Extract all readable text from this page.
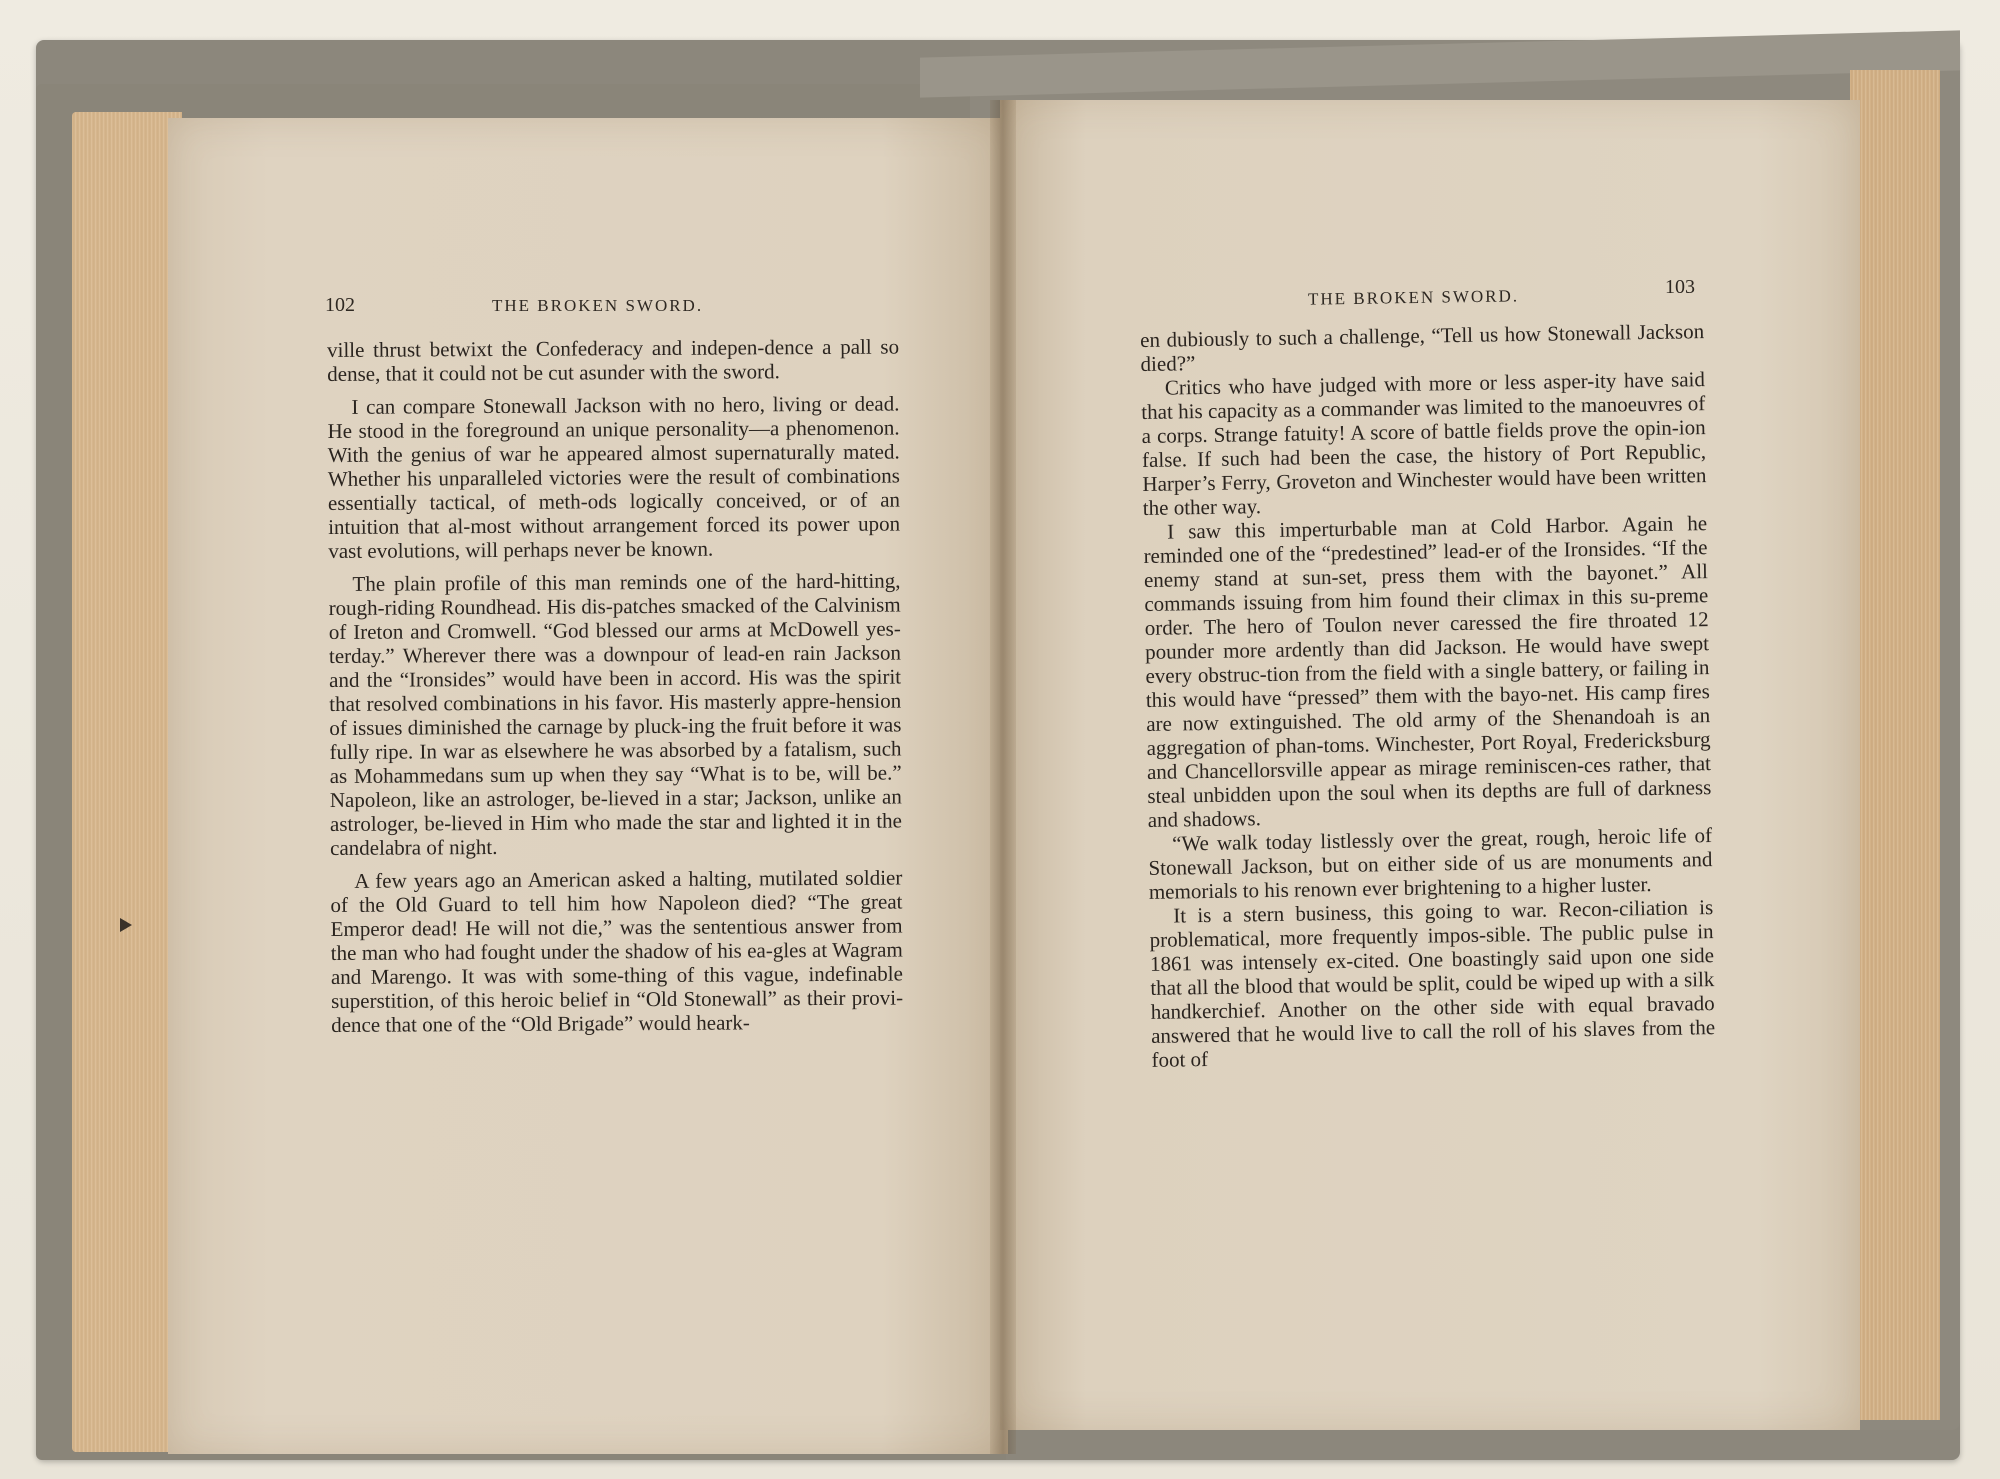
102	THE BROKEN SWORD.

ville thrust betwixt the Confederacy and indepen-dence a pall so dense, that it could not be cut asunder with the sword.

I can compare Stonewall Jackson with no hero, living or dead. He stood in the foreground an unique personality—a phenomenon. With the genius of war he appeared almost supernaturally mated. Whether his unparalleled victories were the result of combinations essentially tactical, of meth-ods logically conceived, or of an intuition that al-most without arrangement forced its power upon vast evolutions, will perhaps never be known.

The plain profile of this man reminds one of the hard-hitting, rough-riding Roundhead. His dis-patches smacked of the Calvinism of Ireton and Cromwell. “God blessed our arms at McDowell yes-terday.” Wherever there was a downpour of lead-en rain Jackson and the “Ironsides” would have been in accord. His was the spirit that resolved combinations in his favor. His masterly appre-hension of issues diminished the carnage by pluck-ing the fruit before it was fully ripe. In war as elsewhere he was absorbed by a fatalism, such as Mohammedans sum up when they say “What is to be, will be.” Napoleon, like an astrologer, be-lieved in a star; Jackson, unlike an astrologer, be-lieved in Him who made the star and lighted it in the candelabra of night.

A few years ago an American asked a halting, mutilated soldier of the Old Guard to tell him how Napoleon died? “The great Emperor dead! He will not die,” was the sententious answer from the man who had fought under the shadow of his ea-gles at Wagram and Marengo. It was with some-thing of this vague, indefinable superstition, of this heroic belief in “Old Stonewall” as their provi-dence that one of the “Old Brigade” would heark-

THE BROKEN SWORD.	103

en dubiously to such a challenge, “Tell us how Stonewall Jackson died?”

Critics who have judged with more or less asper-ity have said that his capacity as a commander was limited to the manoeuvres of a corps. Strange fatuity! A score of battle fields prove the opin-ion false. If such had been the case, the history of Port Republic, Harper’s Ferry, Groveton and Winchester would have been written the other way.

I saw this imperturbable man at Cold Harbor. Again he reminded one of the “predestined” lead-er of the Ironsides. “If the enemy stand at sun-set, press them with the bayonet.” All commands issuing from him found their climax in this su-preme order. The hero of Toulon never caressed the fire throated 12 pounder more ardently than did Jackson. He would have swept every obstruc-tion from the field with a single battery, or failing in this would have “pressed” them with the bayo-net. His camp fires are now extinguished. The old army of the Shenandoah is an aggregation of phan-toms. Winchester, Port Royal, Fredericksburg and Chancellorsville appear as mirage reminiscen-ces rather, that steal unbidden upon the soul when its depths are full of darkness and shadows.

“We walk today listlessly over the great, rough, heroic life of Stonewall Jackson, but on either side of us are monuments and memorials to his renown ever brightening to a higher luster.

It is a stern business, this going to war. Recon-ciliation is problematical, more frequently impos-sible. The public pulse in 1861 was intensely ex-cited. One boastingly said upon one side that all the blood that would be split, could be wiped up with a silk handkerchief. Another on the other side with equal bravado answered that he would live to call the roll of his slaves from the foot of
